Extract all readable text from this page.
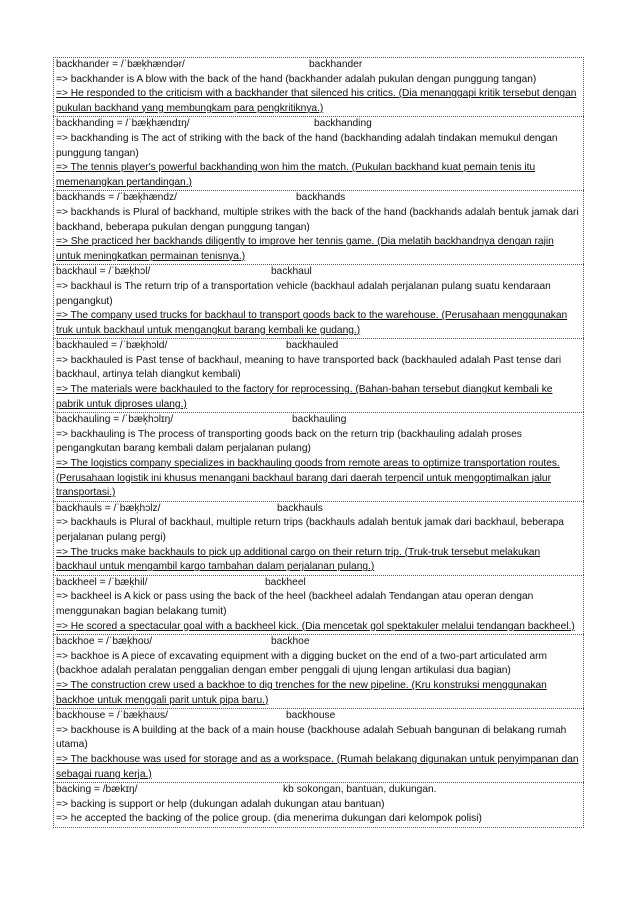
backhander = /ˈbæk̩hændər/	backhander

=> backhander is A blow with the back of the hand (backhander adalah pukulan dengan punggung tangan)

=> He responded to the criticism with a backhander that silenced his critics. (Dia menanggapi kritik tersebut dengan pukulan backhand yang membungkam para pengkritiknya.)

backhanding = /ˈbæk̩hændɪŋ/	backhanding

=> backhanding is The act of striking with the back of the hand (backhanding adalah tindakan memukul dengan punggung tangan)

=> The tennis player's powerful backhanding won him the match. (Pukulan backhand kuat pemain tenis itu memenangkan pertandingan.)

backhands = /ˈbæk̩hændz/	backhands

=> backhands is Plural of backhand, multiple strikes with the back of the hand (backhands adalah bentuk jamak dari backhand, beberapa pukulan dengan punggung tangan)

=> She practiced her backhands diligently to improve her tennis game. (Dia melatih backhandnya dengan rajin untuk meningkatkan permainan tenisnya.)

backhaul = /ˈbæk̩hɔl/	backhaul

=> backhaul is The return trip of a transportation vehicle (backhaul adalah perjalanan pulang suatu kendaraan pengangkut)

=> The company used trucks for backhaul to transport goods back to the warehouse. (Perusahaan menggunakan truk untuk backhaul untuk mengangkut barang kembali ke gudang.)

backhauled = /ˈbæk̩hɔld/	backhauled

=> backhauled is Past tense of backhaul, meaning to have transported back (backhauled adalah Past tense dari backhaul, artinya telah diangkut kembali)

=> The materials were backhauled to the factory for reprocessing. (Bahan-bahan tersebut diangkut kembali ke pabrik untuk diproses ulang.)

backhauling = /ˈbæk̩hɔlɪŋ/	backhauling

=> backhauling is The process of transporting goods back on the return trip (backhauling adalah proses pengangkutan barang kembali dalam perjalanan pulang)

=> The logistics company specializes in backhauling goods from remote areas to optimize transportation routes. (Perusahaan logistik ini khusus menangani backhaul barang dari daerah terpencil untuk mengoptimalkan jalur transportasi.)

backhauls = /ˈbæk̩hɔlz/	backhauls

=> backhauls is Plural of backhaul, multiple return trips (backhauls adalah bentuk jamak dari backhaul, beberapa perjalanan pulang pergi)

=> The trucks make backhauls to pick up additional cargo on their return trip. (Truk-truk tersebut melakukan backhaul untuk mengambil kargo tambahan dalam perjalanan pulang.)

backheel = /ˈbæk̩hil/	backheel

=> backheel is A kick or pass using the back of the heel (backheel adalah Tendangan atau operan dengan menggunakan bagian belakang tumit)

=> He scored a spectacular goal with a backheel kick. (Dia mencetak gol spektakuler melalui tendangan backheel.)

backhoe = /ˈbæk̩hoʊ/	backhoe

=> backhoe is A piece of excavating equipment with a digging bucket on the end of a two-part articulated arm (backhoe adalah peralatan penggalian dengan ember penggali di ujung lengan artikulasi dua bagian)

=> The construction crew used a backhoe to dig trenches for the new pipeline. (Kru konstruksi menggunakan backhoe untuk menggali parit untuk pipa baru.)

backhouse = /ˈbæk̩haʊs/	backhouse

=> backhouse is A building at the back of a main house (backhouse adalah Sebuah bangunan di belakang rumah utama)

=> The backhouse was used for storage and as a workspace. (Rumah belakang digunakan untuk penyimpanan dan sebagai ruang kerja.)

backing = /bækɪŋ/	kb sokongan, bantuan, dukungan.

=> backing is support or help (dukungan adalah dukungan atau bantuan)

=> he accepted the backing of the police group. (dia menerima dukungan dari kelompok polisi)
